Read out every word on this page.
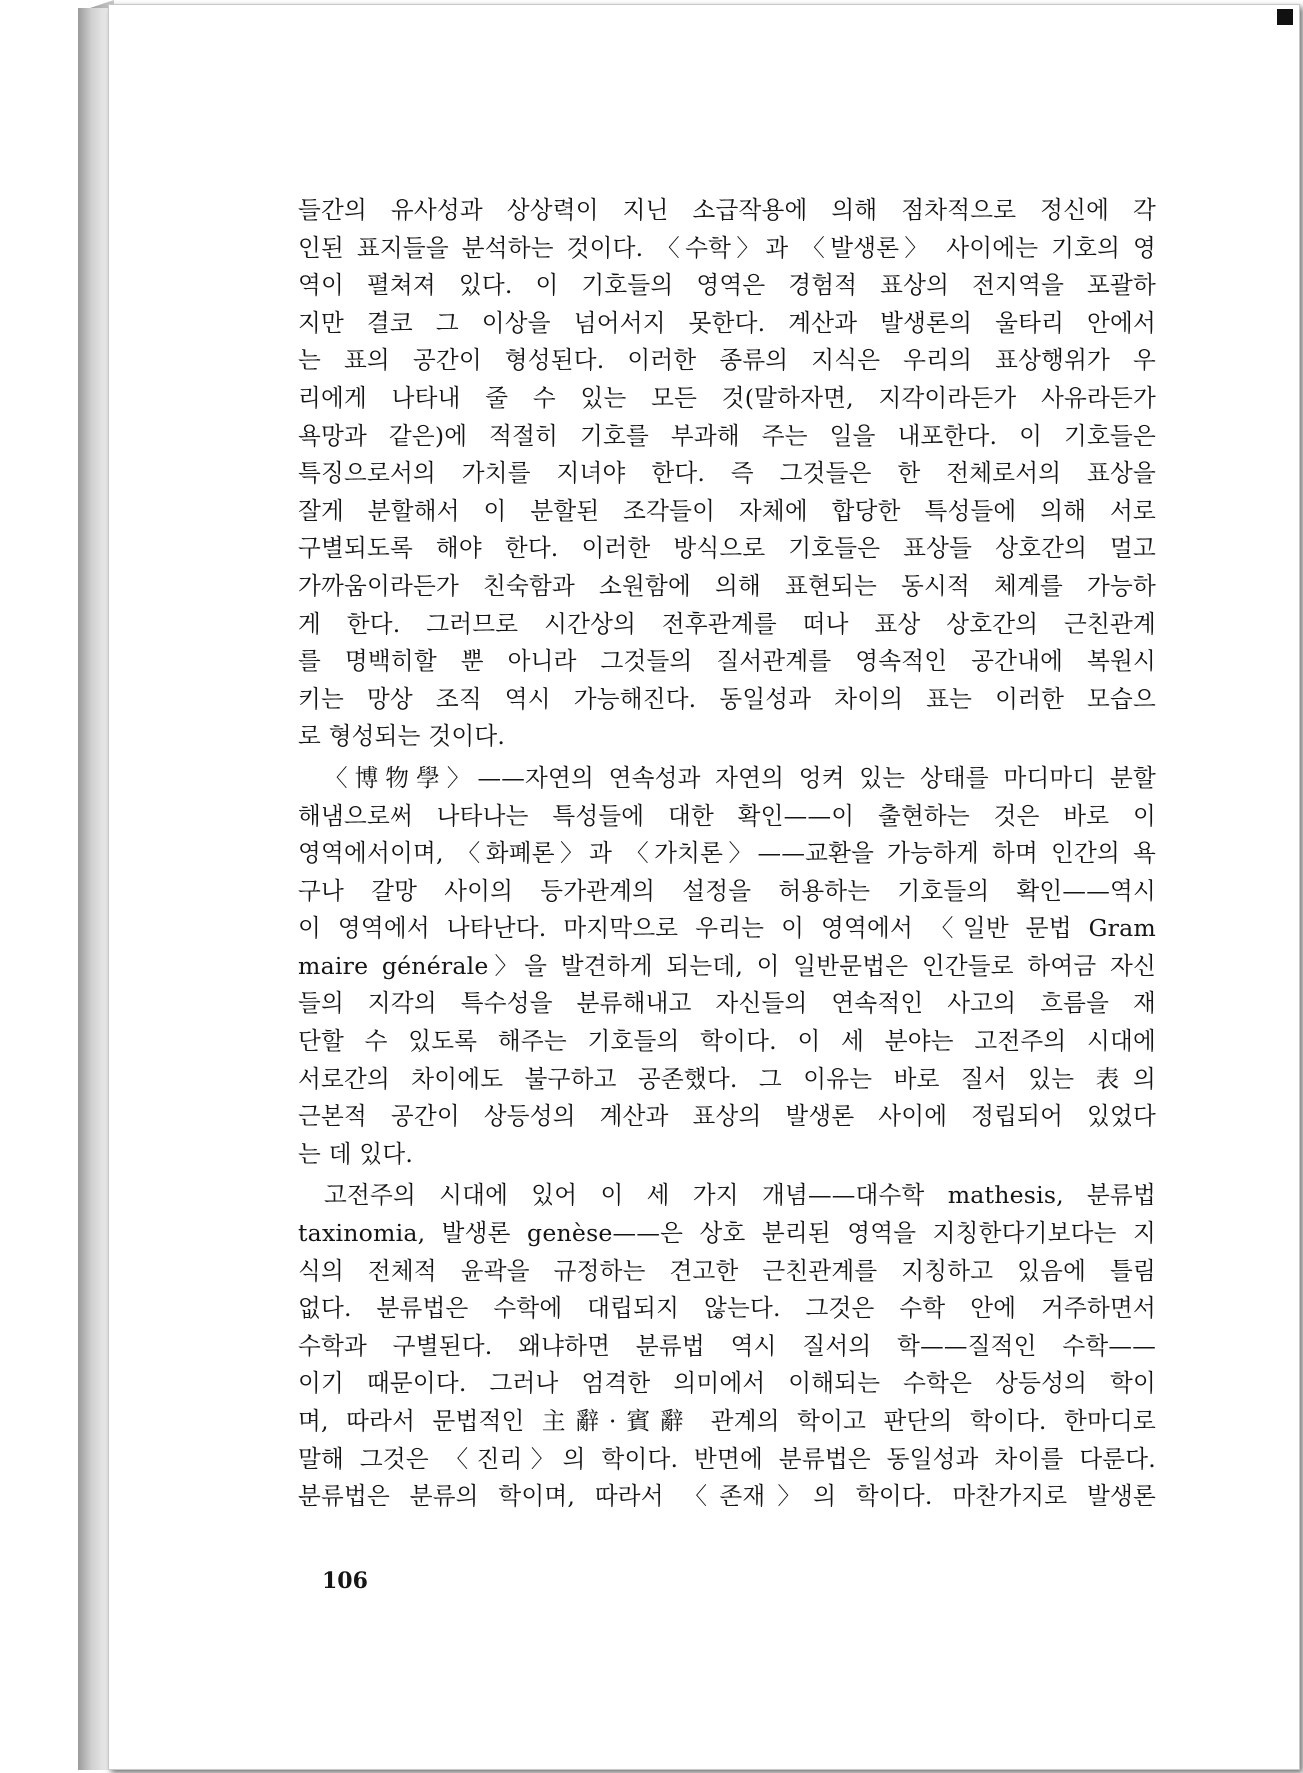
들간의 유사성과 상상력이 지닌 소급작용에 의해 점차적으로 정신에 각
인된 표지들을 분석하는 것이다. 〈수학〉과 〈발생론〉 사이에는 기호의 영
역이 펼쳐져 있다. 이 기호들의 영역은 경험적 표상의 전지역을 포괄하
지만 결코 그 이상을 넘어서지 못한다. 계산과 발생론의 울타리 안에서
는 표의 공간이 형성된다. 이러한 종류의 지식은 우리의 표상행위가 우
리에게 나타내 줄 수 있는 모든 것(말하자면, 지각이라든가 사유라든가
욕망과 같은)에 적절히 기호를 부과해 주는 일을 내포한다. 이 기호들은
특징으로서의 가치를 지녀야 한다. 즉 그것들은 한 전체로서의 표상을
잘게 분할해서 이 분할된 조각들이 자체에 합당한 특성들에 의해 서로
구별되도록 해야 한다. 이러한 방식으로 기호들은 표상들 상호간의 멀고
가까움이라든가 친숙함과 소원함에 의해 표현되는 동시적 체계를 가능하
게 한다. 그러므로 시간상의 전후관계를 떠나 표상 상호간의 근친관계
를 명백히할 뿐 아니라 그것들의 질서관계를 영속적인 공간내에 복원시
키는 망상 조직 역시 가능해진다. 동일성과 차이의 표는 이러한 모습으
로 형성되는 것이다.
〈博物學〉——자연의 연속성과 자연의 엉켜 있는 상태를 마디마디 분할
해냄으로써 나타나는 특성들에 대한 확인——이 출현하는 것은 바로 이
영역에서이며, 〈화폐론〉과 〈가치론〉——교환을 가능하게 하며 인간의 욕
구나 갈망 사이의 등가관계의 설정을 허용하는 기호들의 확인——역시
이 영역에서 나타난다. 마지막으로 우리는 이 영역에서 〈일반 문법 Gram
maire générale〉을 발견하게 되는데, 이 일반문법은 인간들로 하여금 자신
들의 지각의 특수성을 분류해내고 자신들의 연속적인 사고의 흐름을 재
단할 수 있도록 해주는 기호들의 학이다. 이 세 분야는 고전주의 시대에
서로간의 차이에도 불구하고 공존했다. 그 이유는 바로 질서 있는 表의
근본적 공간이 상등성의 계산과 표상의 발생론 사이에 정립되어 있었다
는 데 있다.
고전주의 시대에 있어 이 세 가지 개념——대수학 mathesis, 분류법
taxinomia, 발생론 genèse——은 상호 분리된 영역을 지칭한다기보다는 지
식의 전체적 윤곽을 규정하는 견고한 근친관계를 지칭하고 있음에 틀림
없다. 분류법은 수학에 대립되지 않는다. 그것은 수학 안에 거주하면서
수학과 구별된다. 왜냐하면 분류법 역시 질서의 학——질적인 수학——
이기 때문이다. 그러나 엄격한 의미에서 이해되는 수학은 상등성의 학이
며, 따라서 문법적인 主辭·賓辭 관계의 학이고 판단의 학이다. 한마디로
말해 그것은 〈진리〉의 학이다. 반면에 분류법은 동일성과 차이를 다룬다.
분류법은 분류의 학이며, 따라서 〈존재〉의 학이다. 마찬가지로 발생론
106
